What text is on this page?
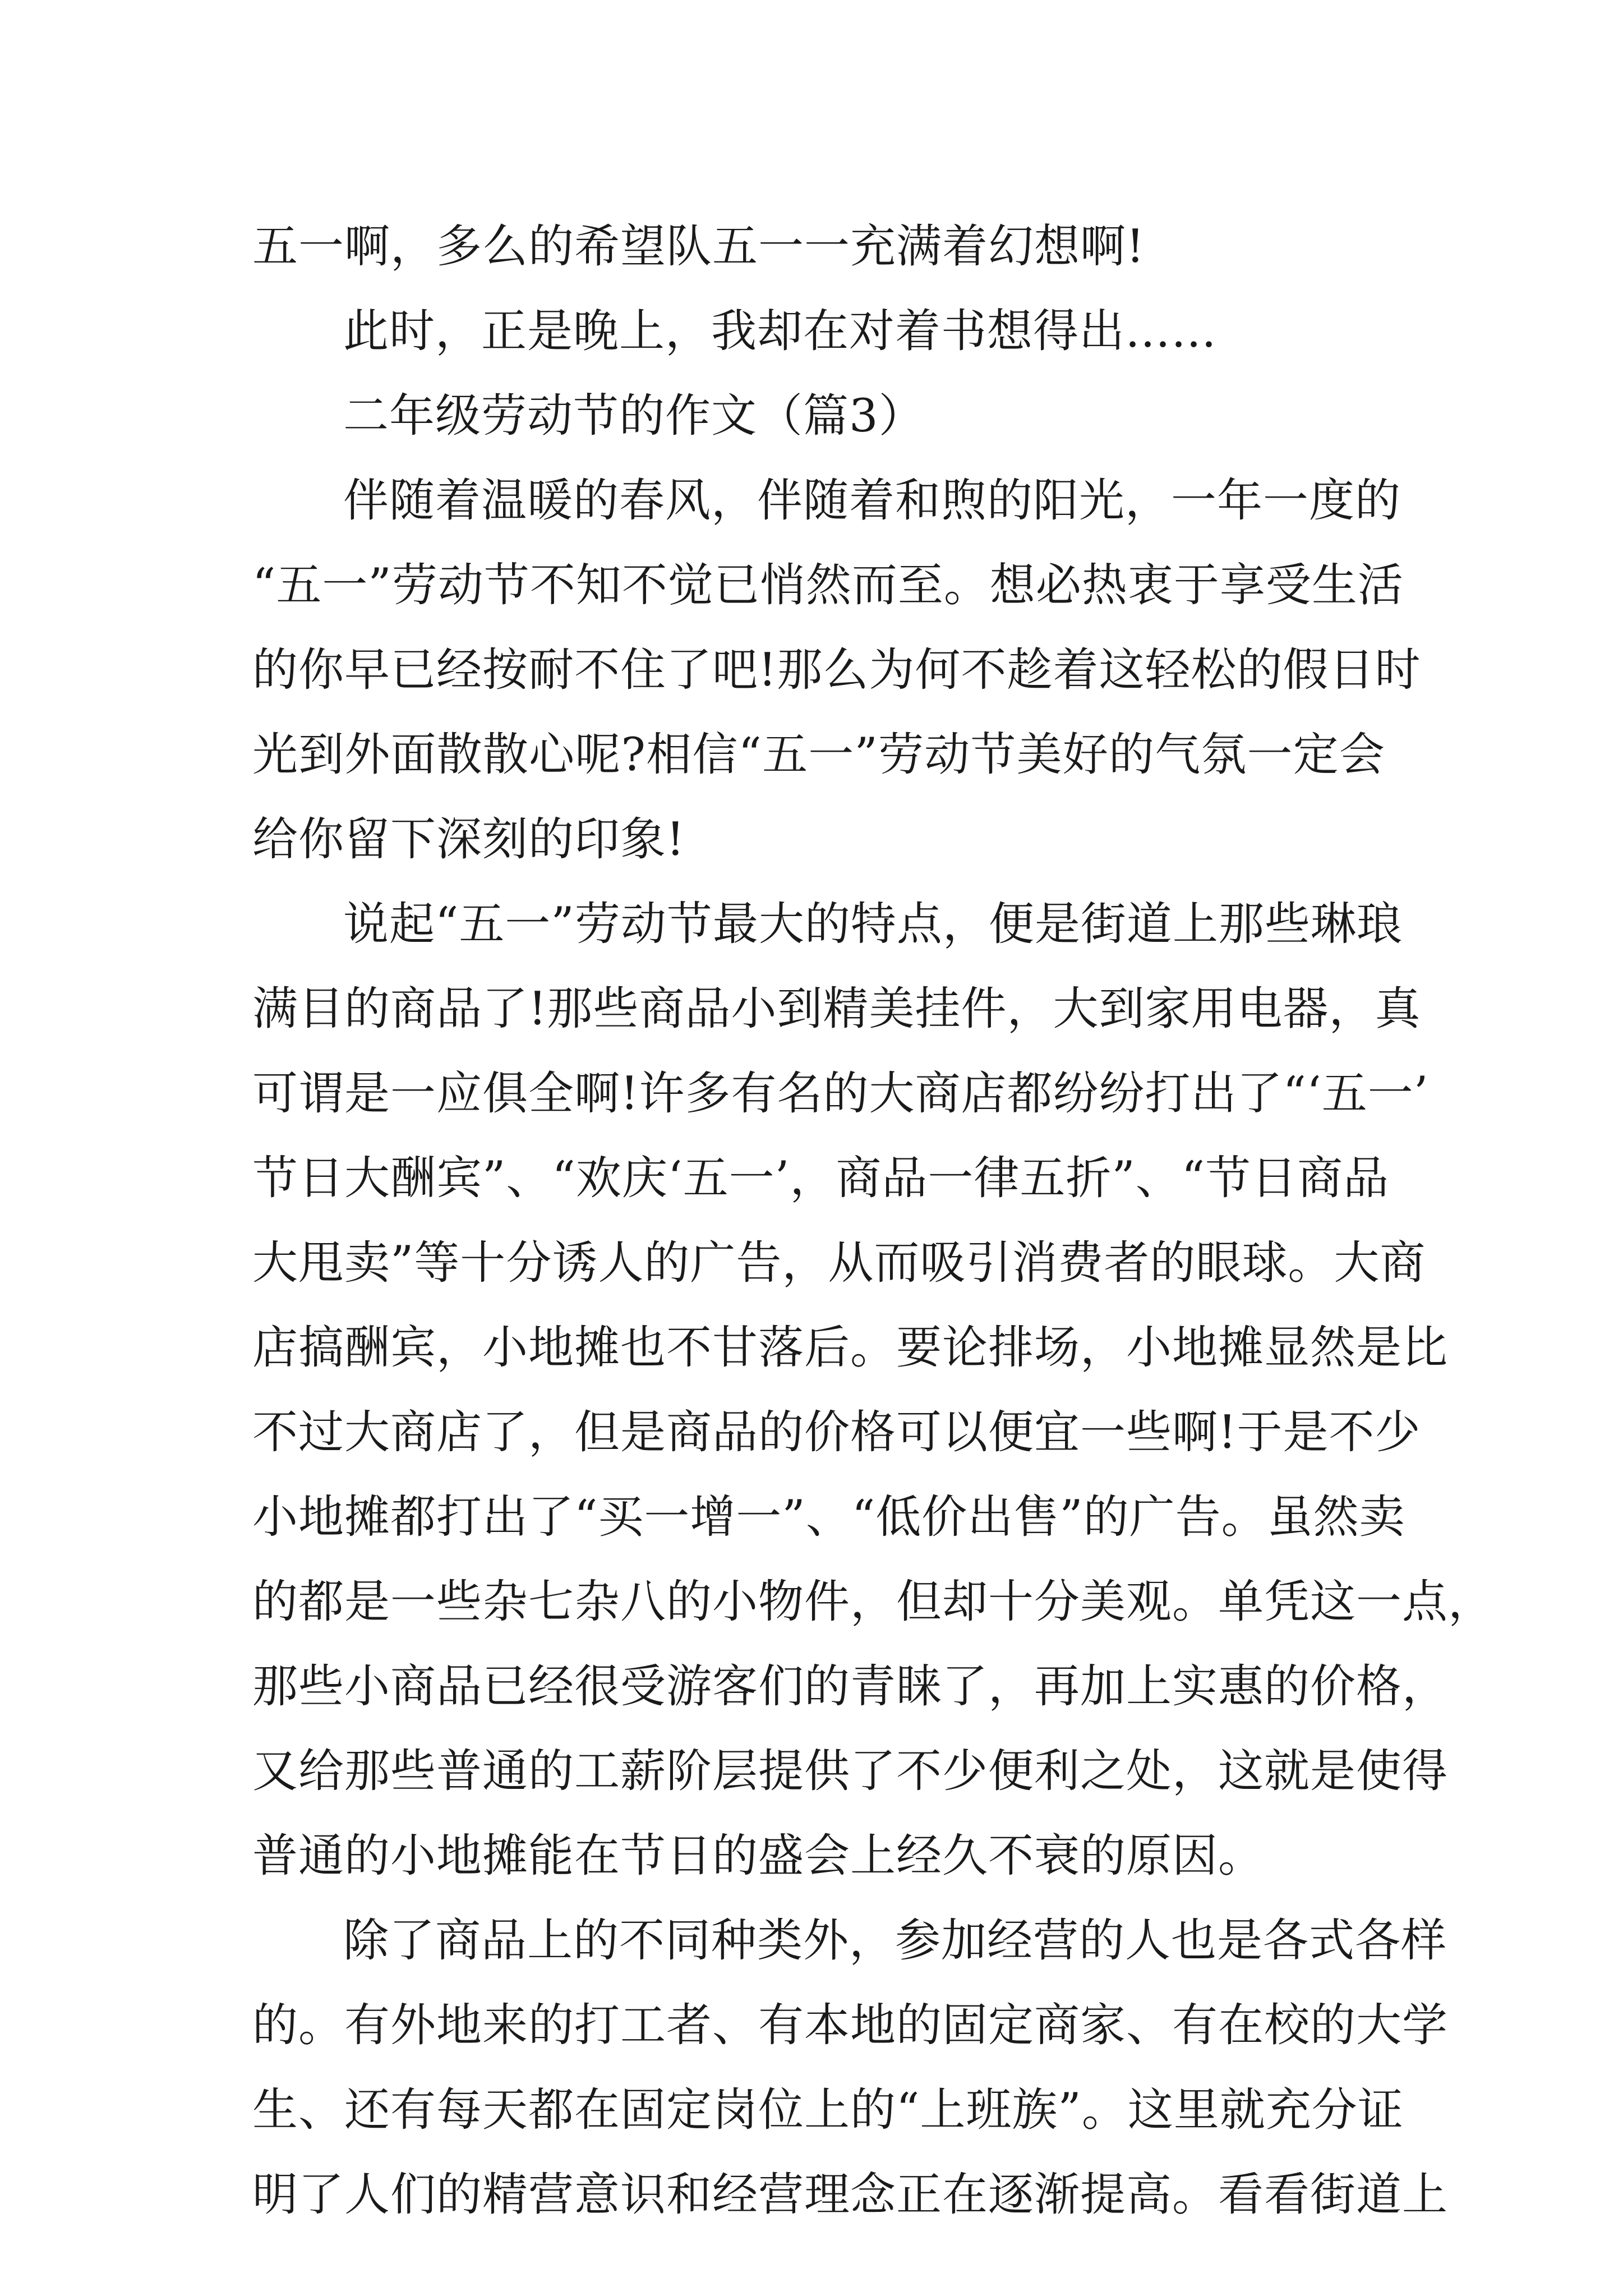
五一啊，多么的希望队五一一充满着幻想啊!
此时，正是晚上，我却在对着书想得出……
二年级劳动节的作文（篇3）
伴随着温暖的春风，伴随着和煦的阳光，一年一度的
“五一”劳动节不知不觉已悄然而至。想必热衷于享受生活
的你早已经按耐不住了吧!那么为何不趁着这轻松的假日时
光到外面散散心呢?相信“五一”劳动节美好的气氛一定会
给你留下深刻的印象!
说起“五一”劳动节最大的特点，便是街道上那些琳琅
满目的商品了!那些商品小到精美挂件，大到家用电器，真
可谓是一应俱全啊!许多有名的大商店都纷纷打出了“‘五一’
节日大酬宾”、“欢庆‘五一’，商品一律五折”、“节日商品
大甩卖”等十分诱人的广告，从而吸引消费者的眼球。大商
店搞酬宾，小地摊也不甘落后。要论排场，小地摊显然是比
不过大商店了，但是商品的价格可以便宜一些啊!于是不少
小地摊都打出了“买一增一”、“低价出售”的广告。虽然卖
的都是一些杂七杂八的小物件，但却十分美观。单凭这一点，
那些小商品已经很受游客们的青睐了，再加上实惠的价格，
又给那些普通的工薪阶层提供了不少便利之处，这就是使得
普通的小地摊能在节日的盛会上经久不衰的原因。
除了商品上的不同种类外，参加经营的人也是各式各样
的。有外地来的打工者、有本地的固定商家、有在校的大学
生、还有每天都在固定岗位上的“上班族”。这里就充分证
明了人们的精营意识和经营理念正在逐渐提高。看看街道上
